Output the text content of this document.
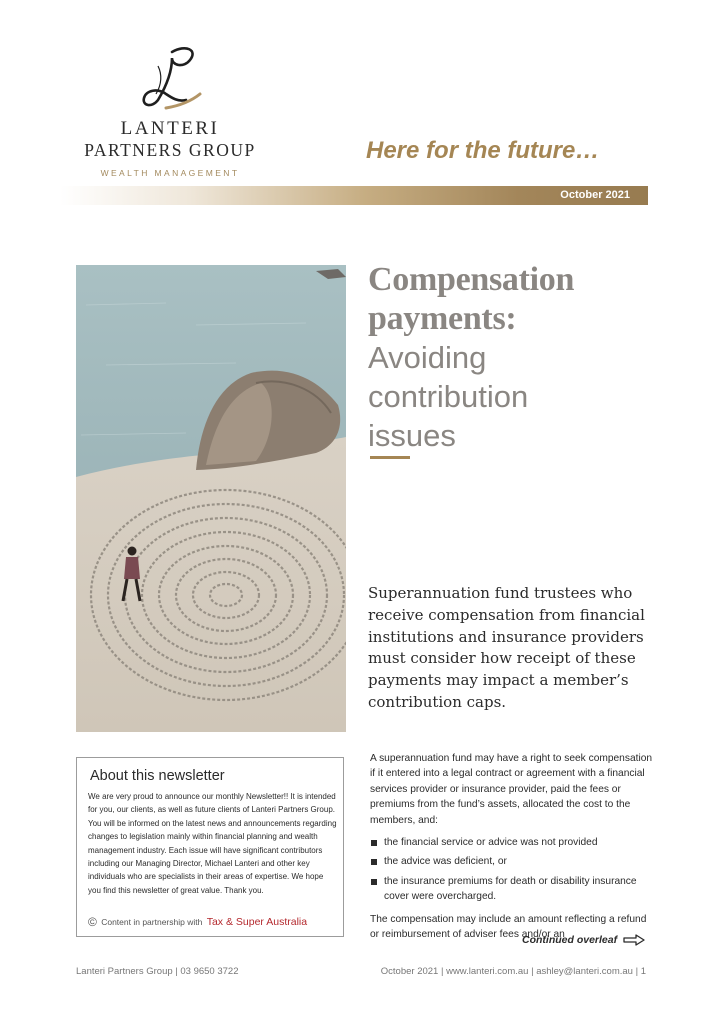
LANTERI
PARTNERS GROUP
WEALTH MANAGEMENT
Here for the future…
October 2021
Compensation
payments:
Avoiding
contribution
issues
Superannuation fund trustees who receive compensation from financial institutions and insurance providers must consider how receipt of these payments may impact a member’s contribution caps.
About this newsletter
We are very proud to announce our monthly Newsletter!! It is intended for you, our clients, as well as future clients of Lanteri Partners Group. You will be informed on the latest news and announcements regarding changes to legislation mainly within financial planning and wealth management industry. Each issue will have significant contributors including our Managing Director, Michael Lanteri and other key individuals who are specialists in their areas of expertise. We hope you find this newsletter of great value. Thank you.
© Content in partnership with Tax & Super Australia

A superannuation fund may have a right to seek compensation if it entered into a legal contract or agreement with a financial services provider or insurance provider, paid the fees or premiums from the fund’s assets, allocated the cost to the members, and:

the financial service or advice was not provided
the advice was deficient, or
the insurance premiums for death or disability insurance cover were overcharged.

The compensation may include an amount reflecting a refund or reimbursement of adviser fees and/or an

Continued overleaf
Lanteri Partners Group | 03 9650 3722	October 2021 | www.lanteri.com.au | ashley@lanteri.com.au | 1
